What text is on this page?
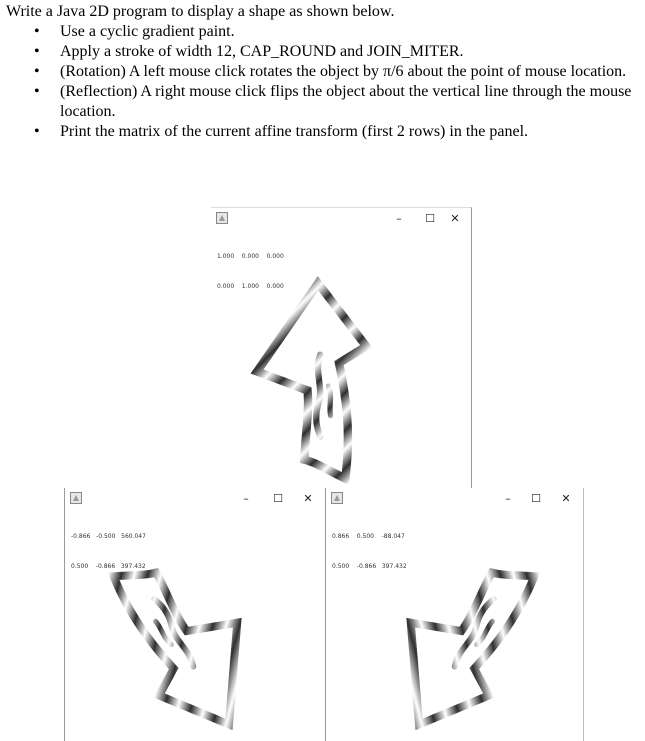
Write a Java 2D program to display a shape as shown below.
• Use a cyclic gradient paint.
• Apply a stroke of width 12, CAP_ROUND and JOIN_MITER.
• (Rotation) A left mouse click rotates the object by π/6 about the point of mouse location.
• (Reflection) A right mouse click flips the object about the vertical line through the mouse location.
• Print the matrix of the current affine transform (first 2 rows) in the panel.
–	☐	✕

1.000    0.000    0.000

0.000    1.000    0.000

–	☐	✕

-0.866   -0.500   560.047

0.500    -0.866   397.432

–	☐	✕

0.866    0.500    -88.047

0.500    -0.866   397.432
